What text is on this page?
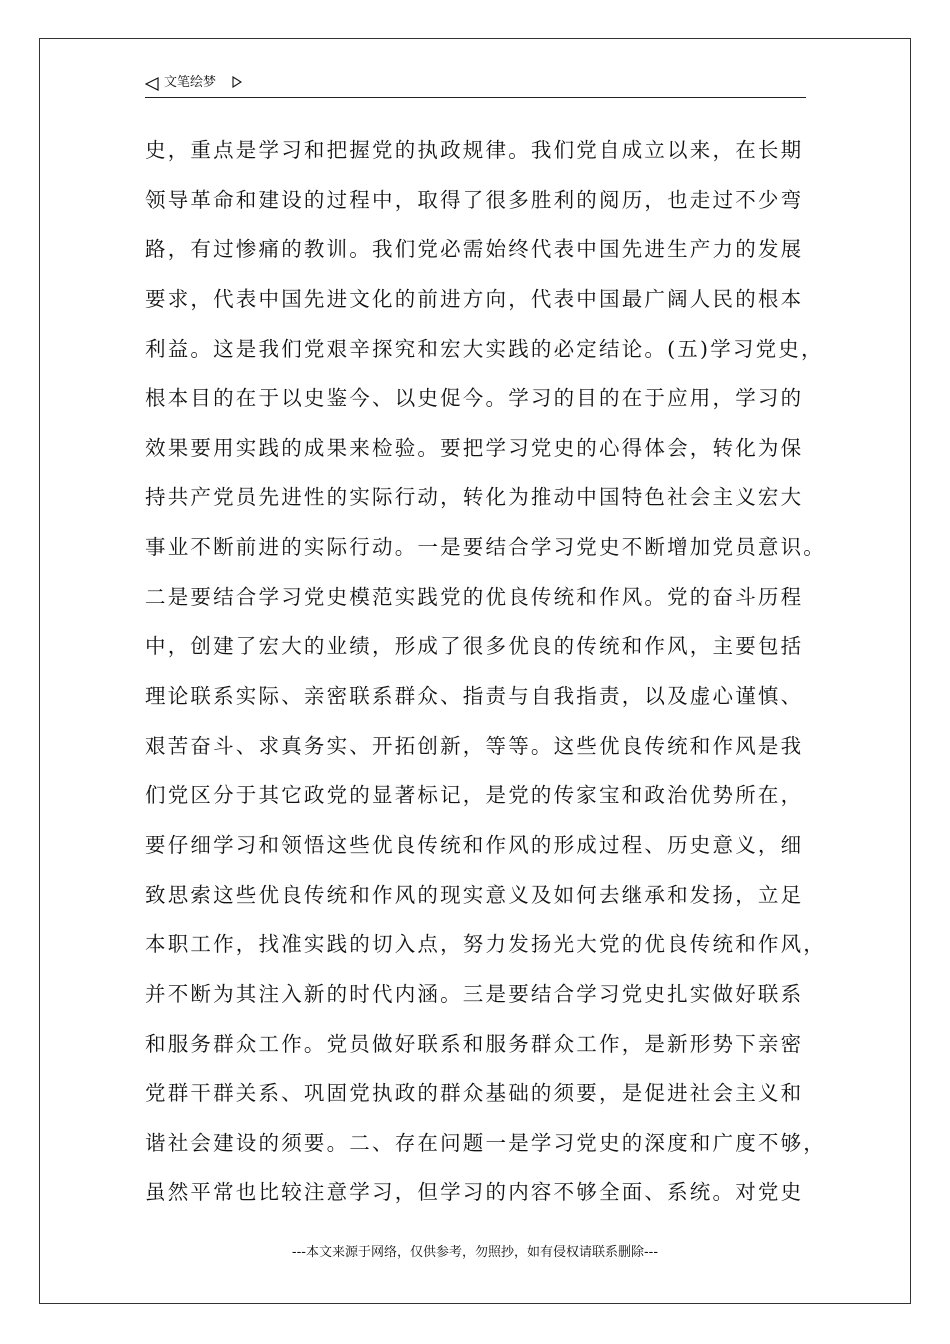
文笔绘梦
史，重点是学习和把握党的执政规律。我们党自成立以来，在长期
领导革命和建设的过程中，取得了很多胜利的阅历，也走过不少弯
路，有过惨痛的教训。我们党必需始终代表中国先进生产力的发展
要求，代表中国先进文化的前进方向，代表中国最广阔人民的根本
利益。这是我们党艰辛探究和宏大实践的必定结论。(五)学习党史，
根本目的在于以史鉴今、以史促今。学习的目的在于应用，学习的
效果要用实践的成果来检验。要把学习党史的心得体会，转化为保
持共产党员先进性的实际行动，转化为推动中国特色社会主义宏大
事业不断前进的实际行动。一是要结合学习党史不断增加党员意识。
二是要结合学习党史模范实践党的优良传统和作风。党的奋斗历程
中，创建了宏大的业绩，形成了很多优良的传统和作风，主要包括
理论联系实际、亲密联系群众、指责与自我指责，以及虚心谨慎、
艰苦奋斗、求真务实、开拓创新，等等。这些优良传统和作风是我
们党区分于其它政党的显著标记，是党的传家宝和政治优势所在，
要仔细学习和领悟这些优良传统和作风的形成过程、历史意义，细
致思索这些优良传统和作风的现实意义及如何去继承和发扬，立足
本职工作，找准实践的切入点，努力发扬光大党的优良传统和作风，
并不断为其注入新的时代内涵。三是要结合学习党史扎实做好联系
和服务群众工作。党员做好联系和服务群众工作，是新形势下亲密
党群干群关系、巩固党执政的群众基础的须要，是促进社会主义和
谐社会建设的须要。二、存在问题一是学习党史的深度和广度不够，
虽然平常也比较注意学习，但学习的内容不够全面、系统。对党史
---本文来源于网络，仅供参考，勿照抄，如有侵权请联系删除---
